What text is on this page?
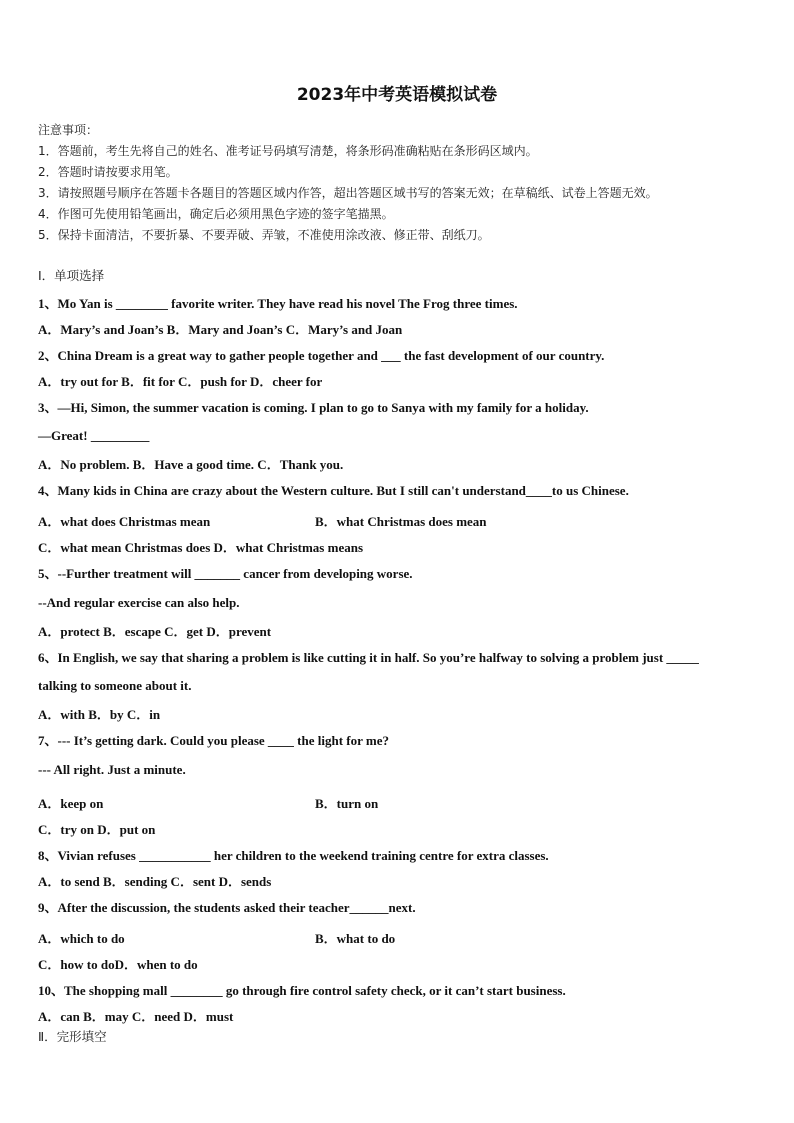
2023年中考英语模拟试卷
注意事项：
1．答题前，考生先将自己的姓名、准考证号码填写清楚，将条形码准确粘贴在条形码区域内。
2．答题时请按要求用笔。
3．请按照题号顺序在答题卡各题目的答题区域内作答，超出答题区域书写的答案无效；在草稿纸、试卷上答题无效。
4．作图可先使用铅笔画出，确定后必须用黑色字迹的签字笔描黑。
5．保持卡面清洁，不要折暴、不要弄破、弄皱，不准使用涂改液、修正带、刮纸刀。
Ⅰ．单项选择
1、Mo Yan is ________ favorite writer. They have read his novel The Frog three times.
A．Mary’s and Joan’s B．Mary and Joan’s C．Mary’s and Joan
2、China Dream is a great way to gather people together and ___ the fast development of our country.
A．try out for B．fit for C．push for D．cheer for
3、—Hi, Simon, the summer vacation is coming. I plan to go to Sanya with my family for a holiday.
—Great! _________
A．No problem. B．Have a good time. C．Thank you.
4、Many kids in China are crazy about the Western culture. But I still can't understand____to us Chinese.
A．what does Christmas mean	B．what Christmas does mean
C．what mean Christmas does D．what Christmas means
5、--Further treatment will _______ cancer from developing worse.
--And regular exercise can also help.
A．protect B．escape C．get D．prevent
6、In English, we say that sharing a problem is like cutting it in half. So you’re halfway to solving a problem just _____
talking to someone about it.
A．with B．by C．in
7、--- It’s getting dark. Could you please ____ the light for me?
--- All right. Just a minute.
A．keep on	B．turn on
C．try on D．put on
8、Vivian refuses ___________ her children to the weekend training centre for extra classes.
A．to send B．sending C．sent D．sends
9、After the discussion, the students asked their teacher______next.
A．which to do	B．what to do
C．how to doD．when to do
10、The shopping mall ________ go through fire control safety check, or it can’t start business.
A．can B．may C．need D．must
Ⅱ．完形填空
